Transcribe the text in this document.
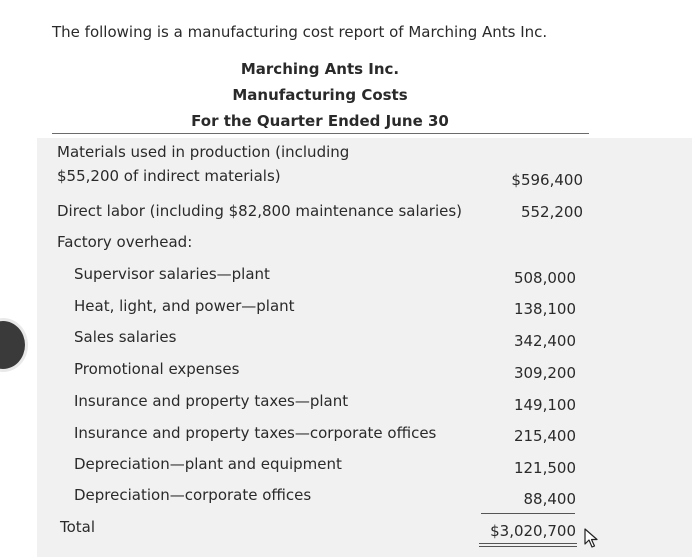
The following is a manufacturing cost report of Marching Ants Inc.
Marching Ants Inc.
Manufacturing Costs
For the Quarter Ended June 30
Materials used in production (including
$55,200 of indirect materials)	$596,400
Direct labor (including $82,800 maintenance salaries)	552,200
Factory overhead:
Supervisor salaries—plant	508,000
Heat, light, and power—plant	138,100
Sales salaries	342,400
Promotional expenses	309,200
Insurance and property taxes—plant	149,100
Insurance and property taxes—corporate offices	215,400
Depreciation—plant and equipment	121,500
Depreciation—corporate offices	88,400
Total	$3,020,700
